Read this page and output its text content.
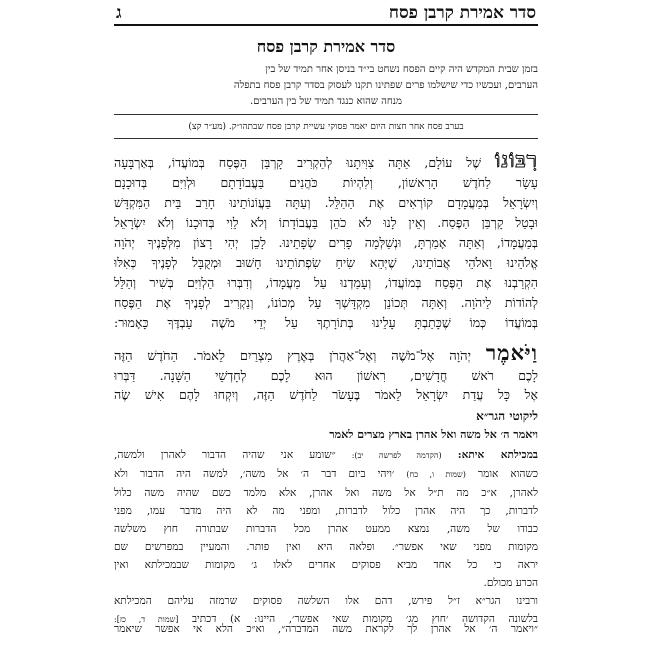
סדר אמירת קרבן פסח
ג
סדר אמירת קרבן פסח
בזמן שבית המקדש היה קיים הפסח נשחט בי״ד בניסן אחר תמיד של בין
הערבים, ועכשיו כדי שישלמו פרים שפתינו תקנו לעסוק בסדר קרבן פסח בתפלה
מנחה שהוא כנגד תמיד של בין הערבים.
בערב פסח אחר חצות היום יאמר פסוקי עשיית קרבן פסח שבתהו״ק. (מע״ר קצ)
רִבּוֹנוֹ שֶׁל עוֹלָם, אַתָּה צִוִּיתָנוּ לְהַקְרִיב קָרְבַּן הַפֶּסַח בְּמוֹעֲדוֹ, בְּאַרְבָּעָה
עָשָׂר לַחֹדֶשׁ הָרִאשׁוֹן, וְלִהְיוֹת כֹּהֲנִים בַּעֲבוֹדָתָם וּלְוִיִּם בְּדוּכָנָם
וְיִשְׂרָאֵל בְּמַעֲמָדָם קוֹרְאִים אֶת הַהַלֵּל. וְעַתָּה בַּעֲוֹנוֹתֵינוּ חָרַב בֵּית הַמִּקְדָּשׁ
וּבָטַל קָרְבַּן הַפֶּסַח. וְאֵין לָנוּ לֹא כֹהֵן בַּעֲבוֹדָתוֹ וְלֹא לֵוִי בְּדוּכָנוֹ וְלֹא יִשְׂרָאֵל
בְּמַעֲמָדוֹ, וְאַתָּה אָמַרְתָּ, וּנְשַׁלְּמָה פָרִים שְׂפָתֵינוּ. לָכֵן יְהִי רָצוֹן מִלְּפָנֶיךָ יְהֹוָה
אֱלֹהֵינוּ וֵאלֹהֵי אֲבוֹתֵינוּ, שֶׁיְּהֵא שִׂיחַ שִׂפְתוֹתֵינוּ חָשׁוּב וּמְקֻבָּל לְפָנֶיךָ כְּאִלּוּ
הִקְרַבְנוּ אֶת הַפֶּסַח בְּמוֹעֲדוֹ, וְעָמַדְנוּ עַל מַעֲמָדוֹ, וְדִבְּרוּ הַלְוִיִּם בְּשִׁיר וְהַלֵּל
לְהוֹדוֹת לַיהֹוָה. וְאַתָּה תְּכוֹנֵן מִקְדָּשְׁךָ עַל מְכוֹנוֹ, וְנַקְרִיב לְפָנֶיךָ אֶת הַפֶּסַח
בְּמוֹעֲדוֹ כְּמוֹ שֶׁכָּתַבְתָּ עָלֵינוּ בְּתוֹרָתֶךָ עַל יְדֵי מֹשֶׁה עַבְדֶּךָ כָּאָמוּר:
וַיֹּאמֶר יְהֹוָה אֶל־מֹשֶׁה וְאֶל־אַהֲרֹן בְּאֶרֶץ מִצְרַיִם לֵאמֹר. הַחֹדֶשׁ הַזֶּה
לָכֶם רֹאשׁ חֳדָשִׁים, רִאשׁוֹן הוּא לָכֶם לְחָדְשֵׁי הַשָּׁנָה. דַּבְּרוּ
אֶל כָּל עֲדַת יִשְׂרָאֵל לֵאמֹר בֶּעָשֹׂר לַחֹדֶשׁ הַזֶּה, וְיִקְחוּ לָהֶם אִישׁ שֶׂה
ליקוטי הגר״א
ויאמר ה׳ אל משה ואל אהרן בארץ מצרים לאמר
במכילתא איתא: (הקדמה לפרשה יב): ״שומע אני שהיה הדבור לאהרן ולמשה,
כשהוא אומר (שמות ו, כח) ׳ויהי ביום דבר ה׳ אל משה׳, למשה היה הדבור ולא
לאהרן, א״כ מה ת״ל אל משה ואל אהרן, אלא מלמד כשם שהיה משה כלול
לדברות, כך היה אהרן כלול לדברות, ומפני מה לא היה מדבר עמו, מפני
כבודו של משה, נמצא ממעט אהרן מכל הדברות שבתורה חוץ משלשה
מקומות מפני שאי אפשר״. ופלאה היא ואין פותר. והמעיין במפרשים שם
יראה כי כל אחד מביא פסוקים אחרים לאלו ג׳ מקומות שבמכילתא ואין
הכרע מכולם.
ורבינו הגר״א ז״ל פירש, דהם אלו השלשה פסוקים שרמזה עליהם המכילתא
בלשונה הקדושה ׳חוץ מג׳ מקומות שאי אפשר׳, היינו: א) דכתיב [שמות ד, כז]:
״ויאמר ה׳ אל אהרן לך לקראת משה המדברה״, וא״כ הלא אי אפשר שיאמר
